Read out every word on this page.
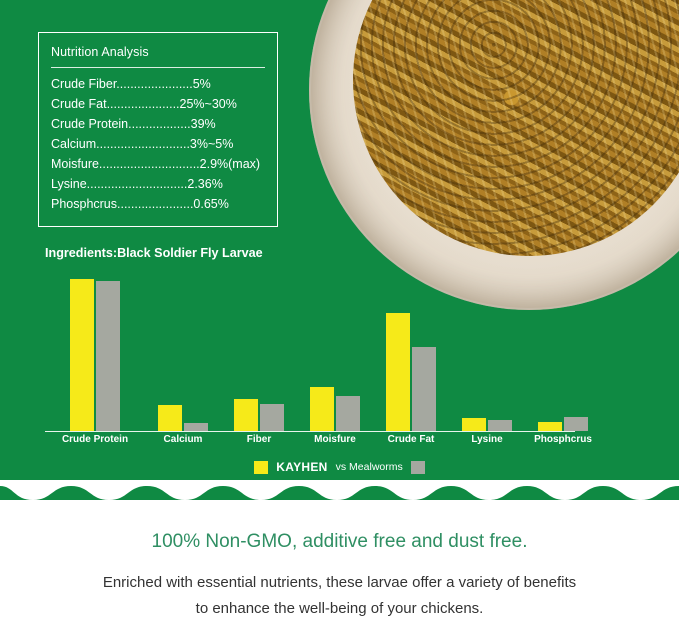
Nutrition Analysis
Crude Fiber......................5%
Crude Fat.....................25%~30%
Crude Protein..................39%
Calcium...........................3%~5%
Moisfure.............................2.9%(max)
Lysine.............................2.36%
Phosphcrus......................0.65%
Ingredients:Black Soldier Fly Larvae
Crude Protein	Calcium	Fiber	Moisfure	Crude Fat	Lysine	Phosphcrus
KAYHEN vs Mealworms
100% Non-GMO, additive free and dust free.
Enriched with essential nutrients, these larvae offer a variety of benefits
to enhance the well-being of your chickens.
